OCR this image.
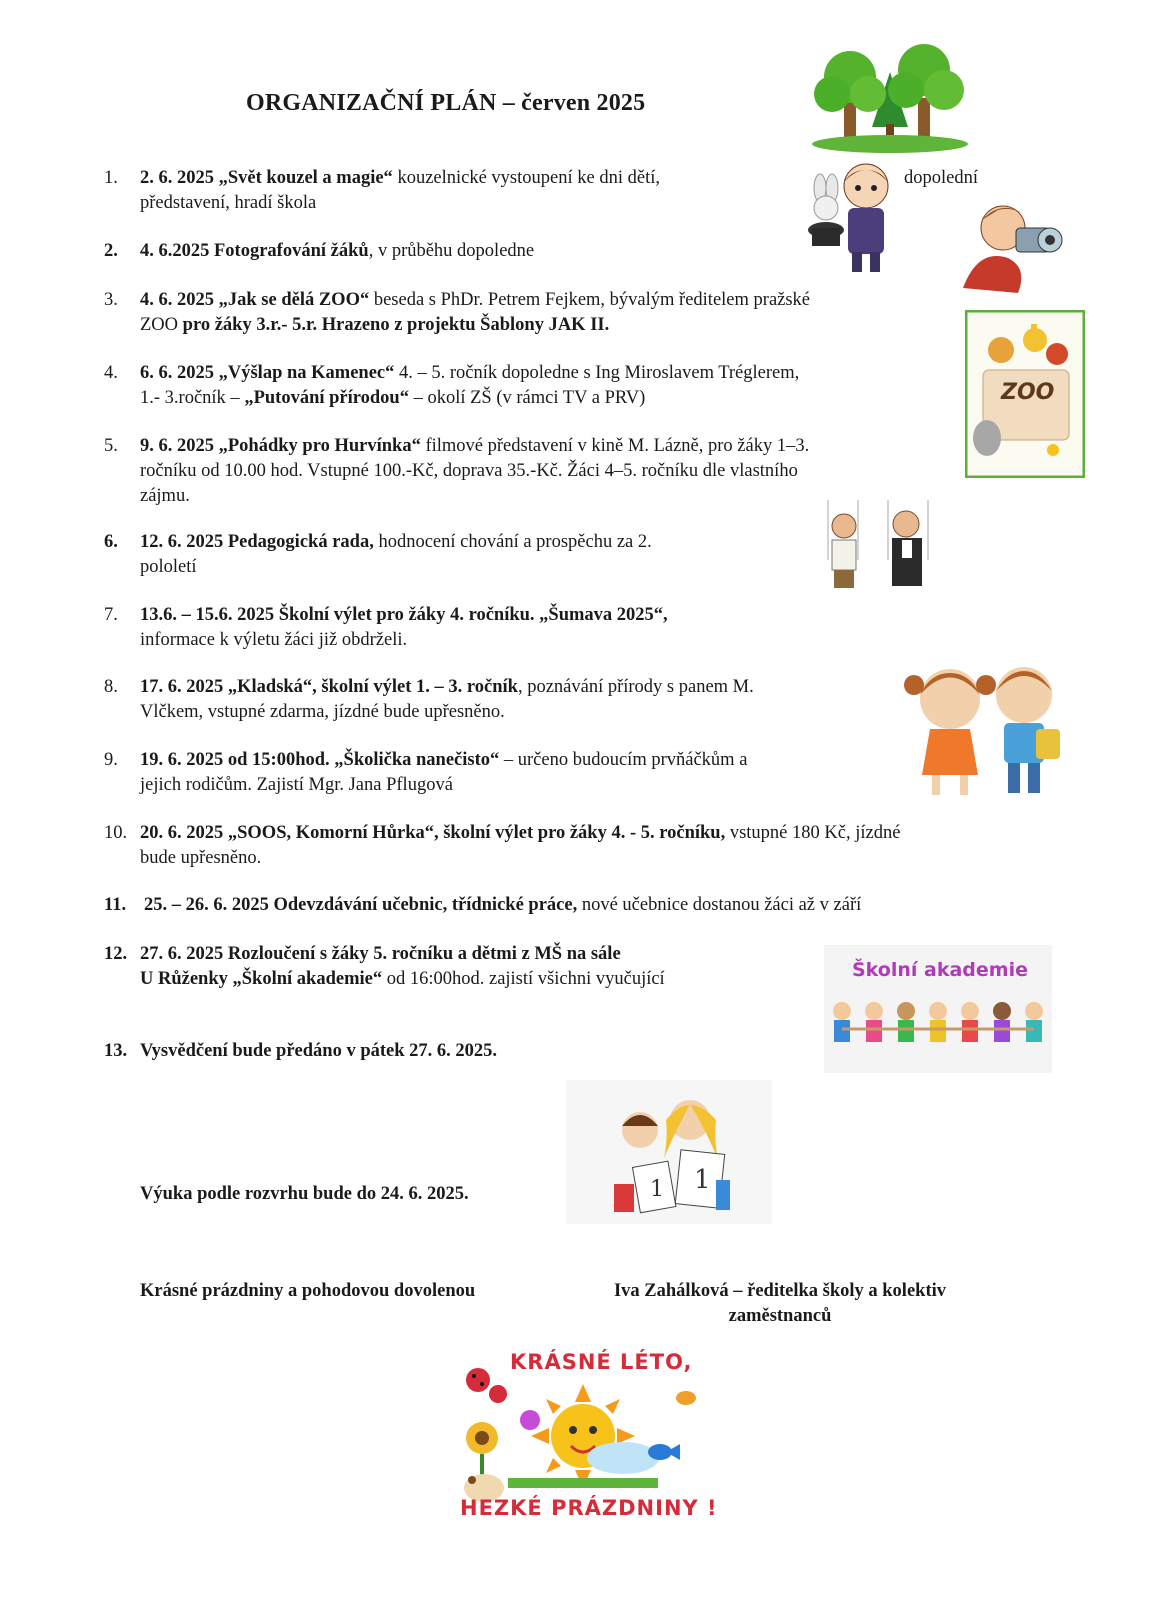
ORGANIZAČNÍ PLÁN – červen 2025
1. 2. 6. 2025 „Svět kouzel a magie“ kouzelnické vystoupení ke dni dětí,
představení, hradí škola
dopolední
2. 4. 6.2025 Fotografování žáků, v průběhu dopoledne
3. 4. 6. 2025 „Jak se dělá ZOO“ beseda s PhDr. Petrem Fejkem, bývalým ředitelem pražské
ZOO pro žáky 3.r.- 5.r. Hrazeno z projektu Šablony JAK II.
4. 6. 6. 2025 „Výšlap na Kamenec“ 4. – 5. ročník dopoledne s Ing Miroslavem Tréglerem,
1.- 3.ročník – „Putování přírodou“ – okolí ZŠ (v rámci TV a PRV)
5. 9. 6. 2025 „Pohádky pro Hurvínka“ filmové představení v kině M. Lázně, pro žáky 1–3.
ročníku od 10.00 hod. Vstupné 100.-Kč, doprava 35.-Kč. Žáci 4–5. ročníku dle vlastního
zájmu.
6. 12. 6. 2025 Pedagogická rada, hodnocení chování a prospěchu za 2.
pololetí
7. 13.6. – 15.6. 2025 Školní výlet pro žáky 4. ročníku. „Šumava 2025“,
informace k výletu žáci již obdrželi.
8. 17. 6. 2025 „Kladská“, školní výlet 1. – 3. ročník, poznávání přírody s panem M.
Vlčkem, vstupné zdarma, jízdné bude upřesněno.
9. 19. 6. 2025 od 15:00hod. „Školička nanečisto“ – určeno budoucím prvňáčkům a
jejich rodičům. Zajistí Mgr. Jana Pflugová
10. 20. 6. 2025 „SOOS, Komorní Hůrka“, školní výlet pro žáky 4. - 5. ročníku, vstupné 180 Kč, jízdné
bude upřesněno.
11. 25. – 26. 6. 2025 Odevzdávání učebnic, třídnické práce, nové učebnice dostanou žáci až v září
12. 27. 6. 2025 Rozloučení s žáky 5. ročníku a dětmi z MŠ na sále
U Růženky „Školní akademie“ od 16:00hod. zajistí všichni vyučující
13. Vysvědčení bude předáno v pátek 27. 6. 2025.
Výuka podle rozvrhu bude do 24. 6. 2025.
Krásné prázdniny a pohodovou dovolenou	Iva Zahálková – ředitelka školy a kolektiv
zaměstnanců
ZOO
Školní akademie
1 1
KRÁSNÉ LÉTO,
HEZKÉ PRÁZDNINY !
